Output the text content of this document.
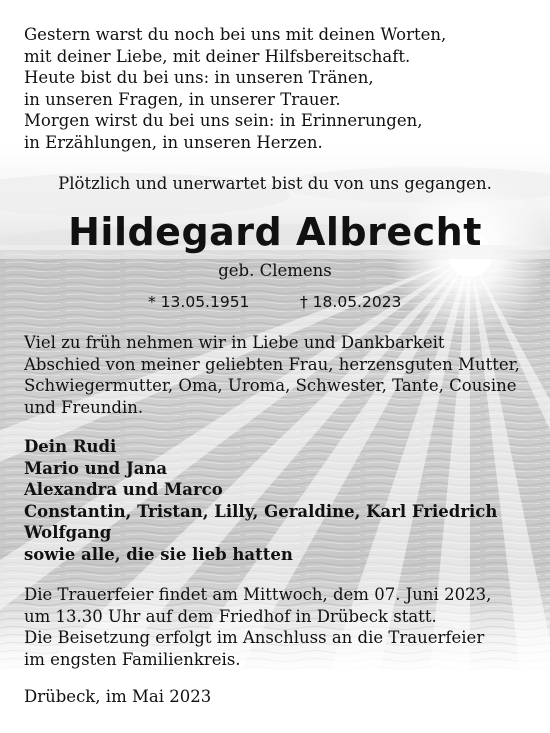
Gestern warst du noch bei uns mit deinen Worten,
mit deiner Liebe, mit deiner Hilfsbereitschaft.
Heute bist du bei uns: in unseren Tränen,
in unseren Fragen, in unserer Trauer.
Morgen wirst du bei uns sein: in Erinnerungen,
in Erzählungen, in unseren Herzen.

Plötzlich und unerwartet bist du von uns gegangen.

Hildegard Albrecht

geb. Clemens

* 13.05.1951	† 18.05.2023

Viel zu früh nehmen wir in Liebe und Dankbarkeit
Abschied von meiner geliebten Frau, herzensguten Mutter,
Schwiegermutter, Oma, Uroma, Schwester, Tante, Cousine
und Freundin.

Dein Rudi
Mario und Jana
Alexandra und Marco
Constantin, Tristan, Lilly, Geraldine, Karl Friedrich
Wolfgang
sowie alle, die sie lieb hatten

Die Trauerfeier findet am Mittwoch, dem 07. Juni 2023,
um 13.30 Uhr auf dem Friedhof in Drübeck statt.
Die Beisetzung erfolgt im Anschluss an die Trauerfeier
im engsten Familienkreis.

Drübeck, im Mai 2023
